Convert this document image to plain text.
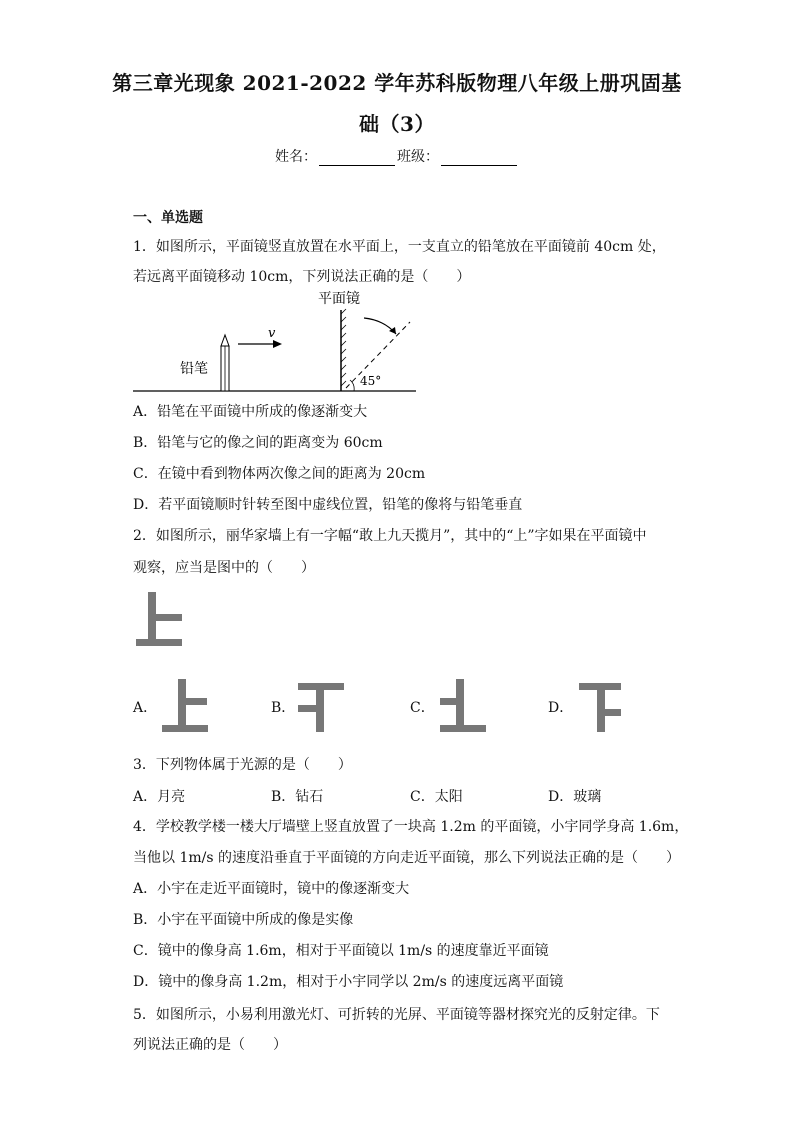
第三章光现象 2021-2022 学年苏科版物理八年级上册巩固基
础（3）
姓名：	班级：
一、单选题
1．如图所示，平面镜竖直放置在水平面上，一支直立的铅笔放在平面镜前 40cm 处，
若远离平面镜移动 10cm，下列说法正确的是（　　）
平面镜
45°
铅笔
v
A．铅笔在平面镜中所成的像逐渐变大
B．铅笔与它的像之间的距离变为 60cm
C．在镜中看到物体两次像之间的距离为 20cm
D．若平面镜顺时针转至图中虚线位置，铅笔的像将与铅笔垂直
2．如图所示，丽华家墙上有一字幅“敢上九天揽月”，其中的“上”字如果在平面镜中
观察，应当是图中的（　　）
A．	B．	C．	D．
3．下列物体属于光源的是（　　）
A．月亮	B．钻石	C．太阳	D．玻璃
4．学校教学楼一楼大厅墙壁上竖直放置了一块高 1.2m 的平面镜，小宇同学身高 1.6m，
当他以 1m/s 的速度沿垂直于平面镜的方向走近平面镜，那么下列说法正确的是（　　）
A．小宇在走近平面镜时，镜中的像逐渐变大
B．小宇在平面镜中所成的像是实像
C．镜中的像身高 1.6m，相对于平面镜以 1m/s 的速度靠近平面镜
D．镜中的像身高 1.2m，相对于小宇同学以 2m/s 的速度远离平面镜
5．如图所示，小易利用激光灯、可折转的光屏、平面镜等器材探究光的反射定律。下
列说法正确的是（　　）
